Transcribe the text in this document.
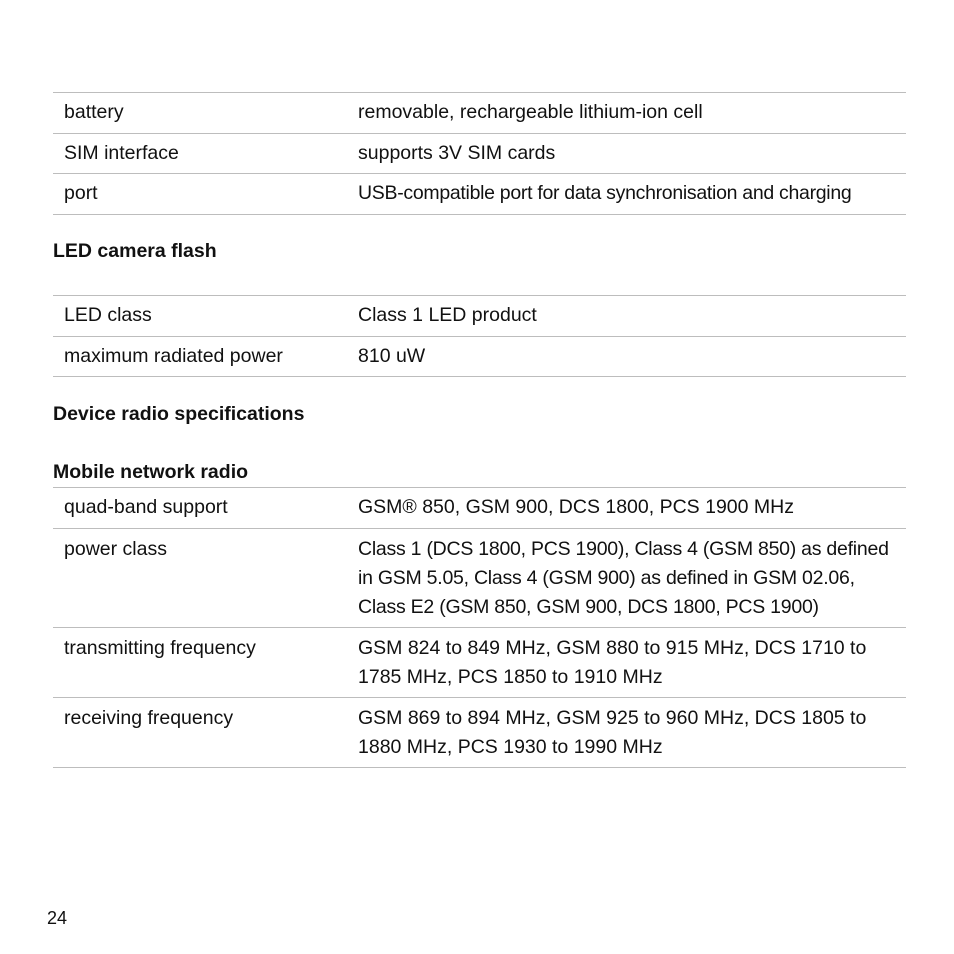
battery	removable, rechargeable lithium-ion cell
SIM interface	supports 3V SIM cards
port	USB-compatible port for data synchronisation and charging
LED camera flash
LED class	Class 1 LED product
maximum radiated power	810 uW
Device radio specifications
Mobile network radio
quad-band support	GSM® 850, GSM 900, DCS 1800, PCS 1900 MHz
power class	Class 1 (DCS 1800, PCS 1900), Class 4 (GSM 850) as defined in GSM 5.05, Class 4 (GSM 900) as defined in GSM 02.06, Class E2 (GSM 850, GSM 900, DCS 1800, PCS 1900)
transmitting frequency	GSM 824 to 849 MHz, GSM 880 to 915 MHz, DCS 1710 to 1785 MHz, PCS 1850 to 1910 MHz
receiving frequency	GSM 869 to 894 MHz, GSM 925 to 960 MHz, DCS 1805 to 1880 MHz, PCS 1930 to 1990 MHz
24
